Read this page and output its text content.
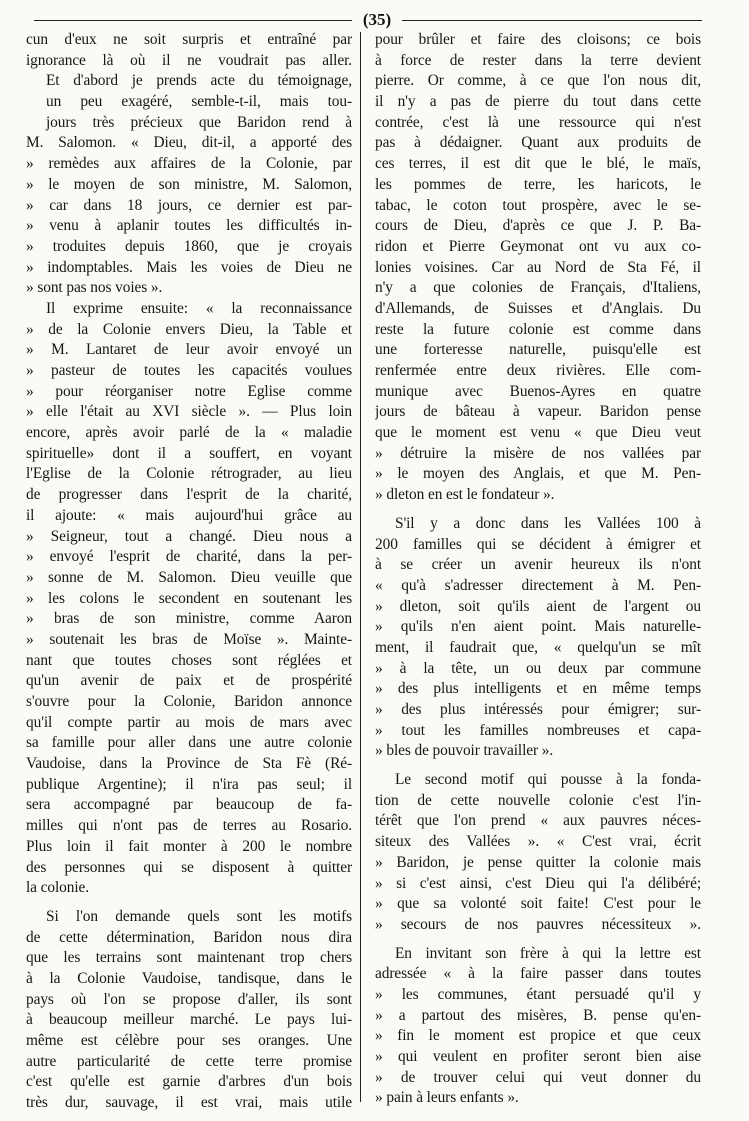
(35)
cun d'eux ne soit surpris et entraîné par
ignorance là où il ne voudrait pas aller.
Et d'abord je prends acte du témoignage,
un peu exagéré, semble-t-il, mais tou-
jours très précieux que Baridon rend à
M. Salomon. « Dieu, dit-il, a apporté des
» remèdes aux affaires de la Colonie, par
» le moyen de son ministre, M. Salomon,
» car dans 18 jours, ce dernier est par-
» venu à aplanir toutes les difficultés in-
» troduites depuis 1860, que je croyais
» indomptables. Mais les voies de Dieu ne
» sont pas nos voies ».
Il exprime ensuite: « la reconnaissance
» de la Colonie envers Dieu, la Table et
» M. Lantaret de leur avoir envoyé un
» pasteur de toutes les capacités voulues
» pour réorganiser notre Eglise comme
» elle l'était au XVI siècle ». — Plus loin
encore, après avoir parlé de la « maladie
spirituelle» dont il a souffert, en voyant
l'Eglise de la Colonie rétrograder, au lieu
de progresser dans l'esprit de la charité,
il ajoute: « mais aujourd'hui grâce au
» Seigneur, tout a changé. Dieu nous a
» envoyé l'esprit de charité, dans la per-
» sonne de M. Salomon. Dieu veuille que
» les colons le secondent en soutenant les
» bras de son ministre, comme Aaron
» soutenait les bras de Moïse ». Mainte-
nant que toutes choses sont réglées et
qu'un avenir de paix et de prospérité
s'ouvre pour la Colonie, Baridon annonce
qu'il compte partir au mois de mars avec
sa famille pour aller dans une autre colonie
Vaudoise, dans la Province de Sta Fè (Ré-
publique Argentine); il n'ira pas seul; il
sera accompagné par beaucoup de fa-
milles qui n'ont pas de terres au Rosario.
Plus loin il fait monter à 200 le nombre
des personnes qui se disposent à quitter
la colonie.
Si l'on demande quels sont les motifs
de cette détermination, Baridon nous dira
que les terrains sont maintenant trop chers
à la Colonie Vaudoise, tandisque, dans le
pays où l'on se propose d'aller, ils sont
à beaucoup meilleur marché. Le pays lui-
même est célèbre pour ses oranges. Une
autre particularité de cette terre promise
c'est qu'elle est garnie d'arbres d'un bois
très dur, sauvage, il est vrai, mais utile
pour brûler et faire des cloisons; ce bois
à force de rester dans la terre devient
pierre. Or comme, à ce que l'on nous dit,
il n'y a pas de pierre du tout dans cette
contrée, c'est là une ressource qui n'est
pas à dédaigner. Quant aux produits de
ces terres, il est dit que le blé, le maïs,
les pommes de terre, les haricots, le
tabac, le coton tout prospère, avec le se-
cours de Dieu, d'après ce que J. P. Ba-
ridon et Pierre Geymonat ont vu aux co-
lonies voisines. Car au Nord de Sta Fé, il
n'y a que colonies de Français, d'Italiens,
d'Allemands, de Suisses et d'Anglais. Du
reste la future colonie est comme dans
une forteresse naturelle, puisqu'elle est
renfermée entre deux rivières. Elle com-
munique avec Buenos-Ayres en quatre
jours de bâteau à vapeur. Baridon pense
que le moment est venu « que Dieu veut
» détruire la misère de nos vallées par
» le moyen des Anglais, et que M. Pen-
» dleton en est le fondateur ».
S'il y a donc dans les Vallées 100 à
200 familles qui se décident à émigrer et
à se créer un avenir heureux ils n'ont
« qu'à s'adresser directement à M. Pen-
» dleton, soit qu'ils aient de l'argent ou
» qu'ils n'en aient point. Mais naturelle-
ment, il faudrait que, « quelqu'un se mît
» à la tête, un ou deux par commune
» des plus intelligents et en même temps
» des plus intéressés pour émigrer; sur-
» tout les familles nombreuses et capa-
» bles de pouvoir travailler ».
Le second motif qui pousse à la fonda-
tion de cette nouvelle colonie c'est l'in-
térêt que l'on prend « aux pauvres néces-
siteux des Vallées ». « C'est vrai, écrit
» Baridon, je pense quitter la colonie mais
» si c'est ainsi, c'est Dieu qui l'a délibéré;
» que sa volonté soit faite! C'est pour le
» secours de nos pauvres nécessiteux ».
En invitant son frère à qui la lettre est
adressée « à la faire passer dans toutes
» les communes, étant persuadé qu'il y
» a partout des misères, B. pense qu'en-
» fin le moment est propice et que ceux
» qui veulent en profiter seront bien aise
» de trouver celui qui veut donner du
» pain à leurs enfants ».
